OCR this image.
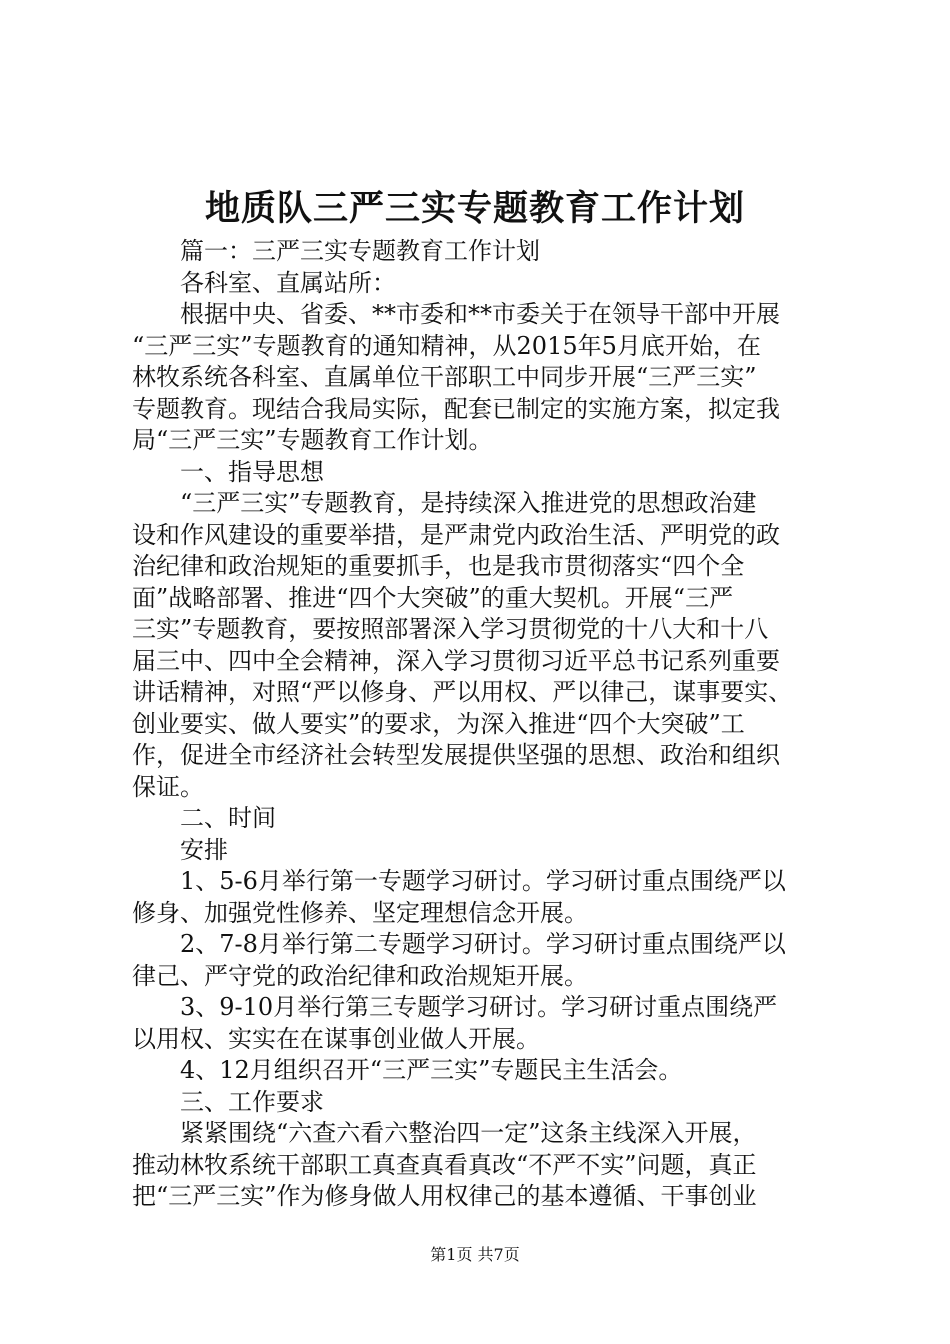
地质队三严三实专题教育工作计划
篇一：三严三实专题教育工作计划
各科室、直属站所：
根据中央、省委、**市委和**市委关于在领导干部中开展
“三严三实”专题教育的通知精神，从2015年5月底开始，在
林牧系统各科室、直属单位干部职工中同步开展“三严三实”
专题教育。现结合我局实际，配套已制定的实施方案，拟定我
局“三严三实”专题教育工作计划。
一、指导思想
“三严三实”专题教育，是持续深入推进党的思想政治建
设和作风建设的重要举措，是严肃党内政治生活、严明党的政
治纪律和政治规矩的重要抓手，也是我市贯彻落实“四个全
面”战略部署、推进“四个大突破”的重大契机。开展“三严
三实”专题教育，要按照部署深入学习贯彻党的十八大和十八
届三中、四中全会精神，深入学习贯彻习近平总书记系列重要
讲话精神，对照“严以修身、严以用权、严以律己，谋事要实、
创业要实、做人要实”的要求，为深入推进“四个大突破”工
作，促进全市经济社会转型发展提供坚强的思想、政治和组织
保证。
二、时间
安排
1、5-6月举行第一专题学习研讨。学习研讨重点围绕严以
修身、加强党性修养、坚定理想信念开展。
2、7-8月举行第二专题学习研讨。学习研讨重点围绕严以
律己、严守党的政治纪律和政治规矩开展。
3、9-10月举行第三专题学习研讨。学习研讨重点围绕严
以用权、实实在在谋事创业做人开展。
4、12月组织召开“三严三实”专题民主生活会。
三、工作要求
紧紧围绕“六查六看六整治四一定”这条主线深入开展，
推动林牧系统干部职工真查真看真改“不严不实”问题，真正
把“三严三实”作为修身做人用权律己的基本遵循、干事创业
第1页 共7页
